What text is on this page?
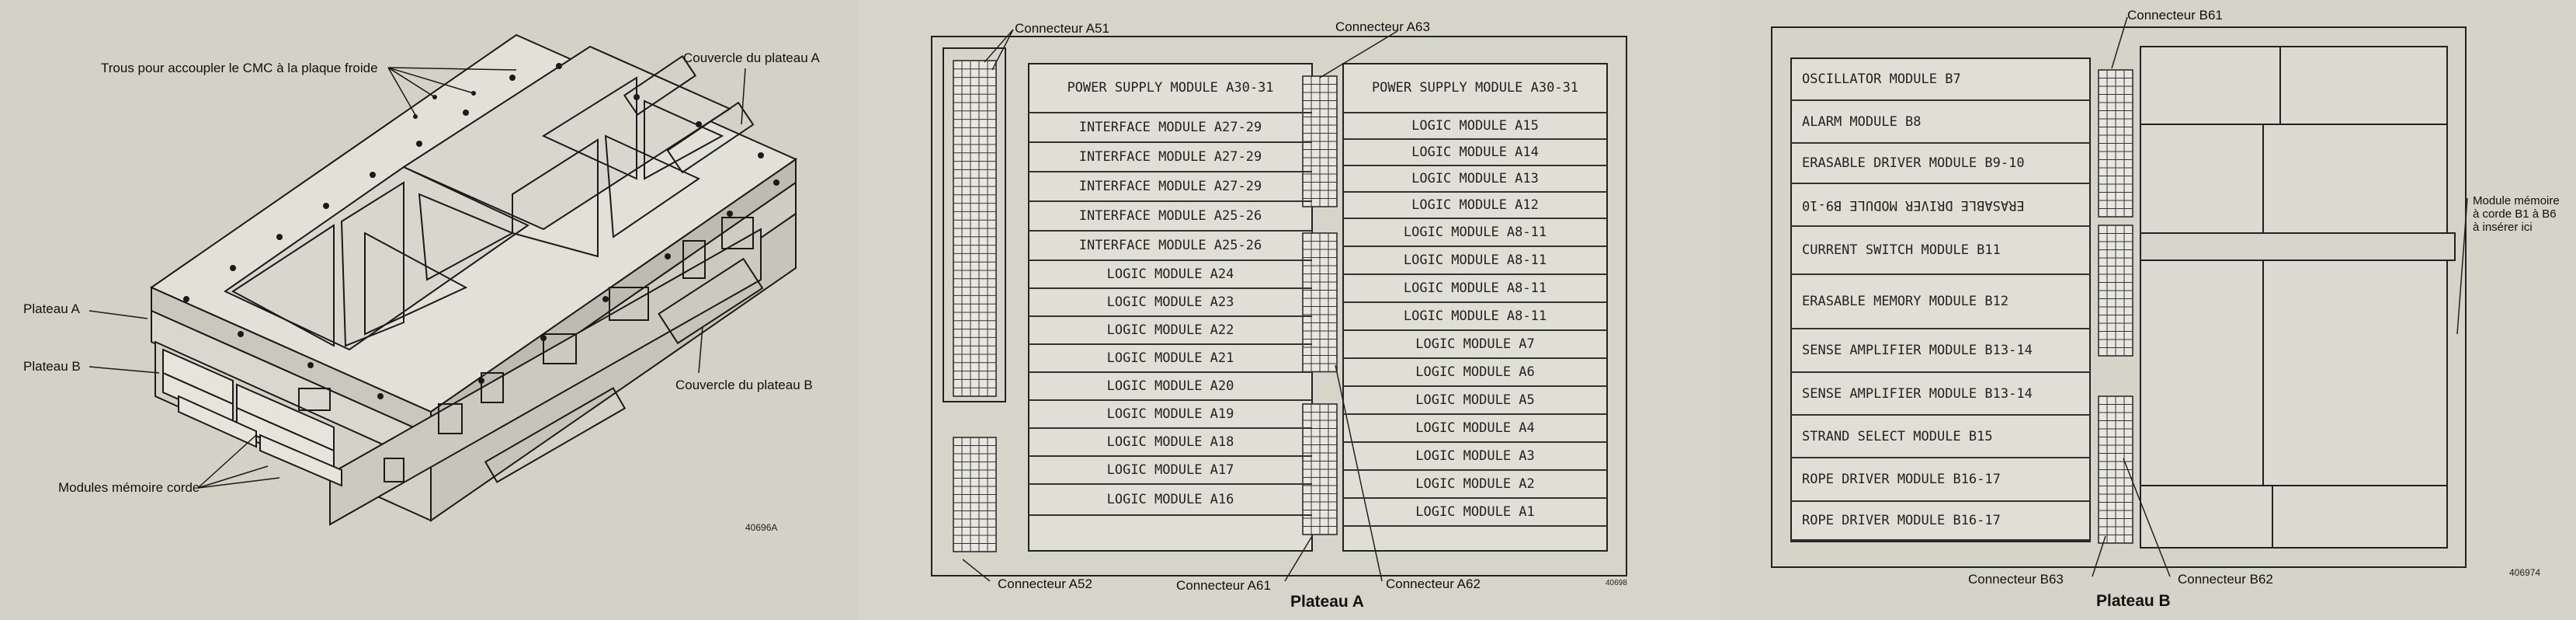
Trous pour accoupler le CMC à la plaque froide
Couvercle du plateau A
Plateau A
Plateau B
Couvercle du plateau B
Modules mémoire corde
40696A
POWER SUPPLY MODULE A30-31
INTERFACE MODULE A27-29
INTERFACE MODULE A27-29
INTERFACE MODULE A27-29
INTERFACE MODULE A25-26
INTERFACE MODULE A25-26
LOGIC MODULE A24
LOGIC MODULE A23
LOGIC MODULE A22
LOGIC MODULE A21
LOGIC MODULE A20
LOGIC MODULE A19
LOGIC MODULE A18
LOGIC MODULE A17
LOGIC MODULE A16
POWER SUPPLY MODULE A30-31
LOGIC MODULE A15
LOGIC MODULE A14
LOGIC MODULE A13
LOGIC MODULE A12
LOGIC MODULE A8-11
LOGIC MODULE A8-11
LOGIC MODULE A8-11
LOGIC MODULE A8-11
LOGIC MODULE A7
LOGIC MODULE A6
LOGIC MODULE A5
LOGIC MODULE A4
LOGIC MODULE A3
LOGIC MODULE A2
LOGIC MODULE A1
Connecteur A51	Connecteur A63
Connecteur A52	Connecteur A61	Connecteur A62
Plateau A
40698
OSCILLATOR MODULE B7
ALARM MODULE B8
ERASABLE DRIVER MODULE B9-10
ERASABLE DRIVER MODULE B9-10
CURRENT SWITCH MODULE B11
ERASABLE MEMORY MODULE B12
SENSE AMPLIFIER MODULE B13-14
SENSE AMPLIFIER MODULE B13-14
STRAND SELECT MODULE B15
ROPE DRIVER MODULE B16-17
ROPE DRIVER MODULE B16-17
Connecteur B61
Connecteur B63	Connecteur B62
Module mémoire
à corde B1 à B6
à insérer ici
Plateau B
406974
